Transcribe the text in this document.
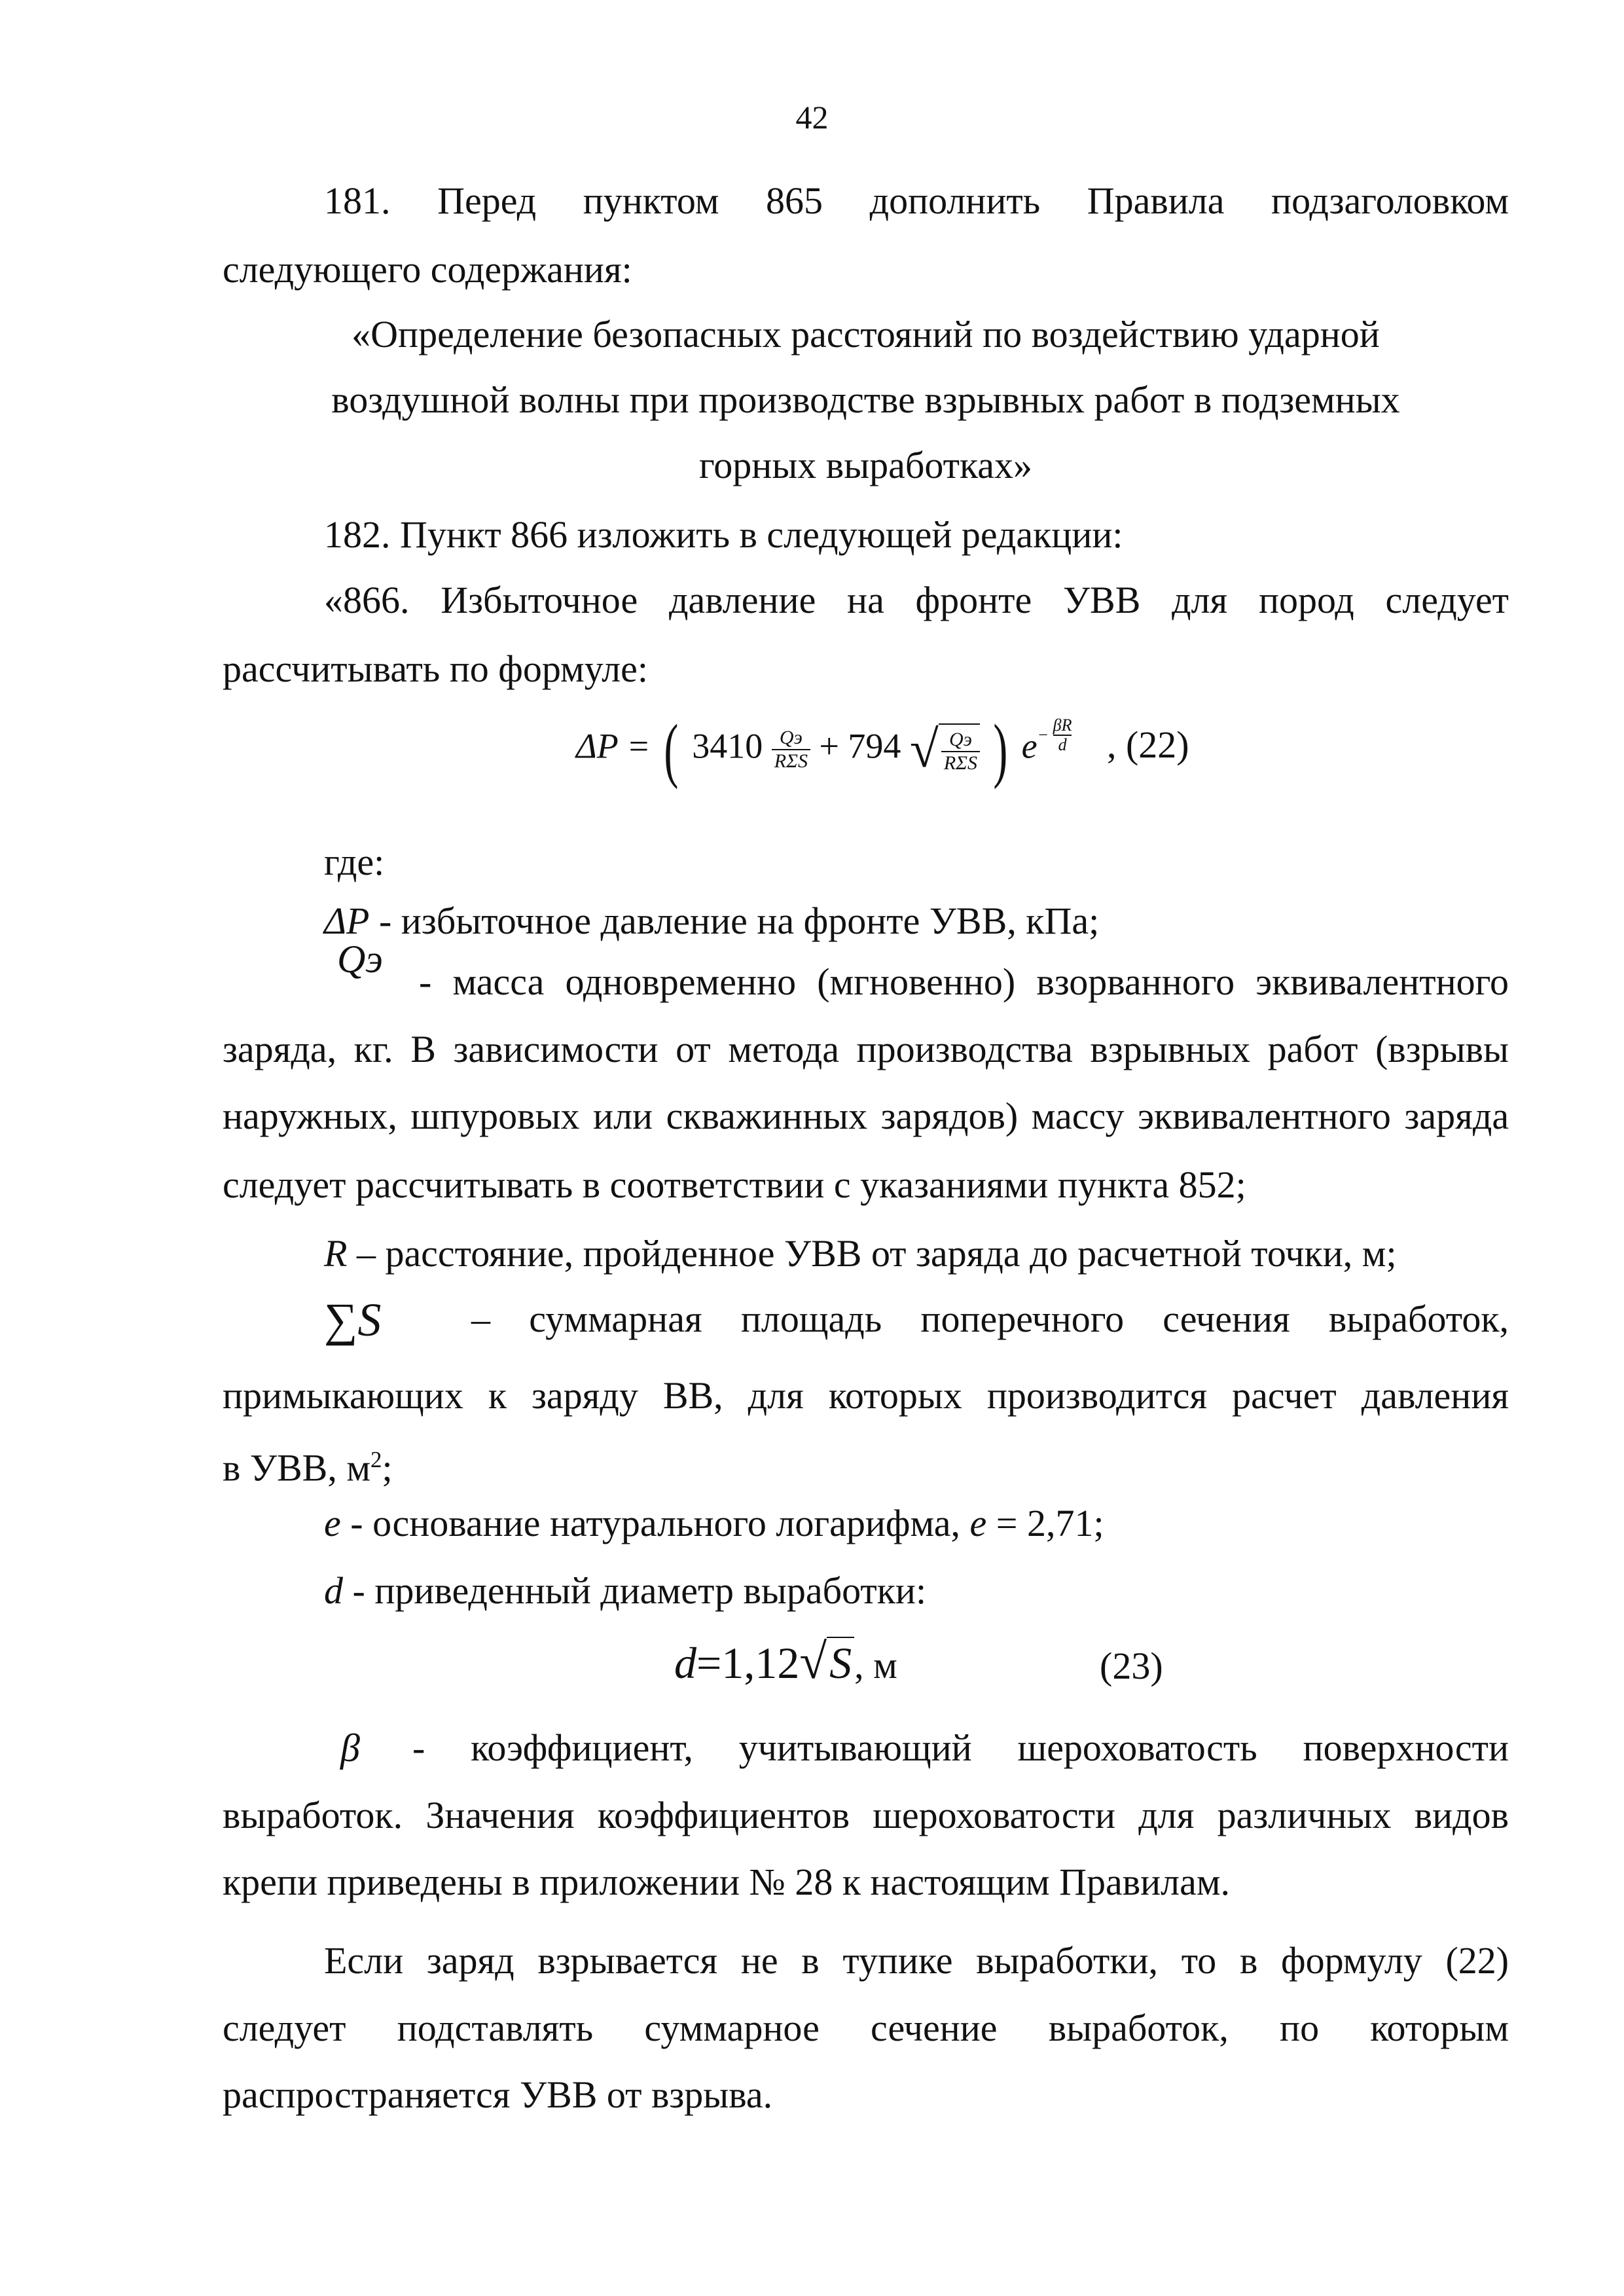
42
181. Перед пунктом 865 дополнить Правила подзаголовком
следующего содержания:
«Определение безопасных расстояний по воздействию ударной
воздушной волны при производстве взрывных работ в подземных
горных выработках»
182. Пункт 866 изложить в следующей редакции:
«866. Избыточное давление на фронте УВВ для пород следует
рассчитывать по формуле:
ΔP = ( $3410 \frac{Qэ}{\text{RΣS}} + 794$ √ $\frac{Qэ}{\text{RΣS}}$ ) $e- \frac{\beta R}{d}$ , (22)
где:
ΔP - избыточное давление на фронте УВВ, кПа;
Qэ
- масса одновременно (мгновенно) взорванного эквивалентного
заряда, кг. В зависимости от метода производства взрывных работ (взрывы
наружных, шпуровых или скважинных зарядов) массу эквивалентного заряда
следует рассчитывать в соответствии с указаниями пункта 852;
R – расстояние, пройденное УВВ от заряда до расчетной точки, м;
∑S – суммарная площадь поперечного сечения выработок,
примыкающих к заряду ВВ, для которых производится расчет давления
в УВВ, $м^2$;
e - основание натурального логарифма, e = 2,71;
d - приведенный диаметр выработки:
d=1,12√S, м	(23)
β - коэффициент, учитывающий шероховатость поверхности
выработок. Значения коэффициентов шероховатости для различных видов
крепи приведены в приложении № 28 к настоящим Правилам.
Если заряд взрывается не в тупике выработки, то в формулу (22)
следует подставлять суммарное сечение выработок, по которым
распространяется УВВ от взрыва.
